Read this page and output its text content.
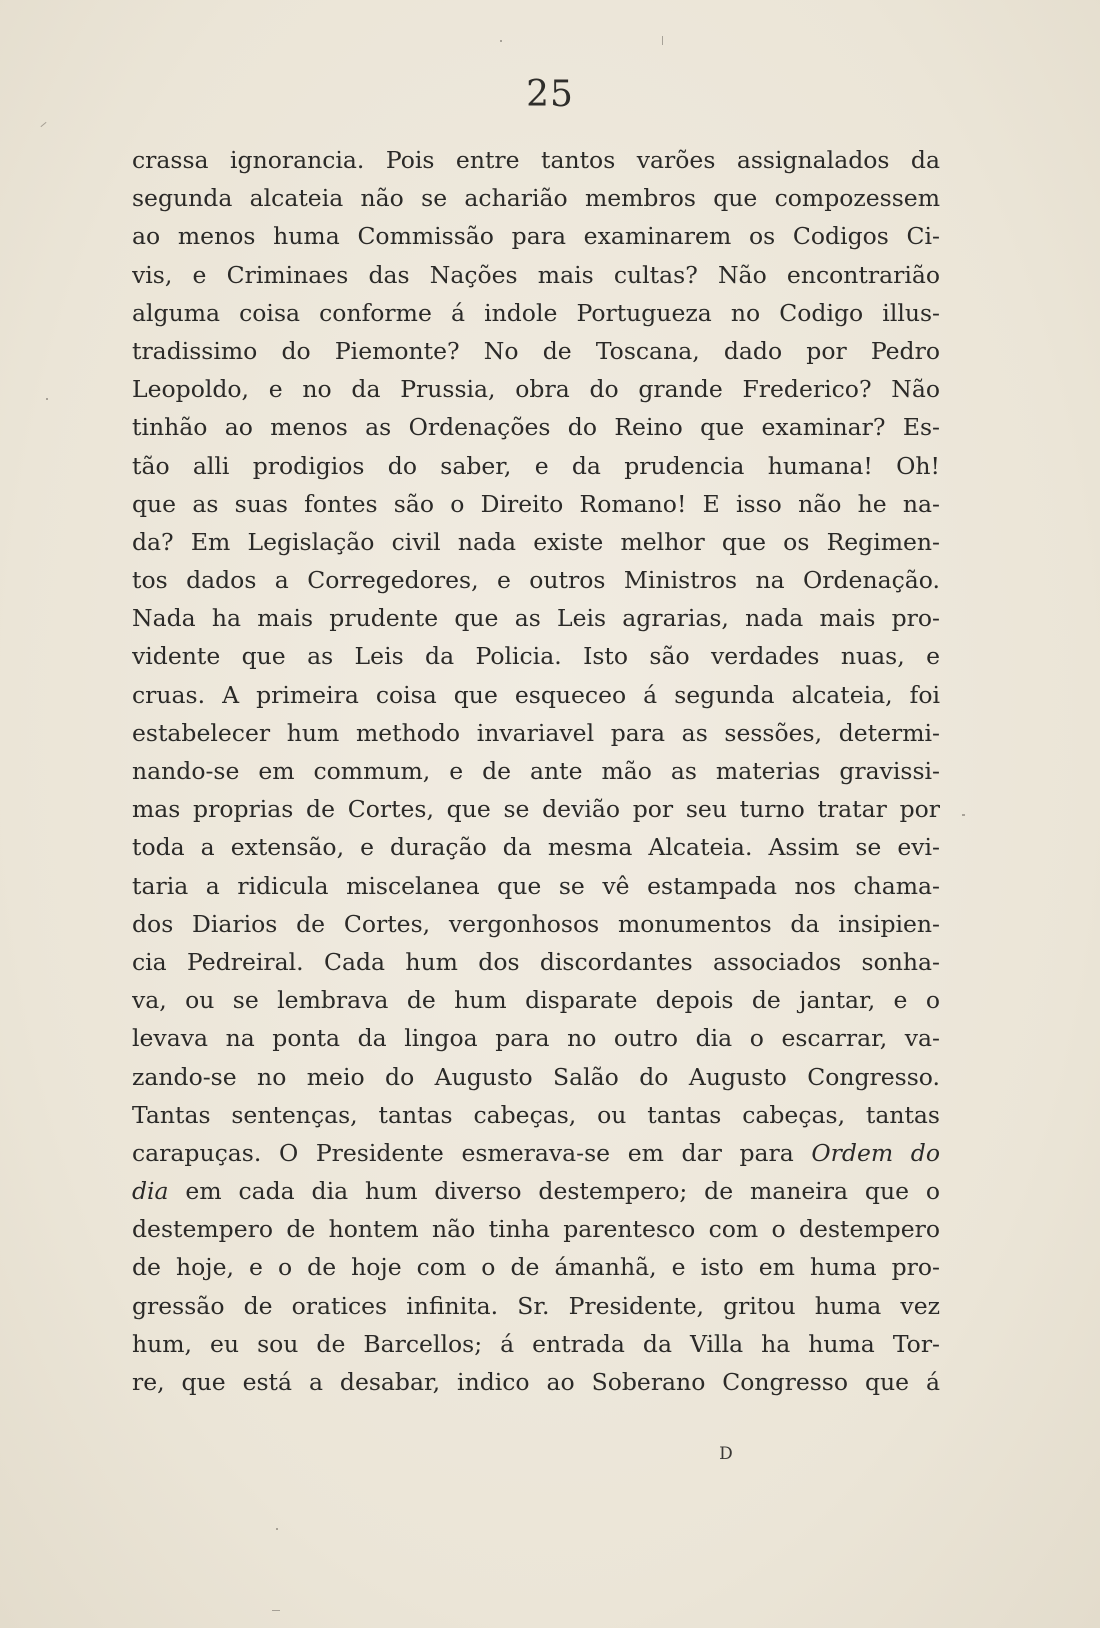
25
crassa ignorancia. Pois entre tantos varões assignalados da
segunda alcateia não se acharião membros que compozessem
ao menos huma Commissão para examinarem os Codigos Ci-
vis, e Criminaes das Nações mais cultas? Não encontrarião
alguma coisa conforme á indole Portugueza no Codigo illus-
tradissimo do Piemonte? No de Toscana, dado por Pedro
Leopoldo, e no da Prussia, obra do grande Frederico? Não
tinhão ao menos as Ordenações do Reino que examinar? Es-
tão alli prodigios do saber, e da prudencia humana! Oh!
que as suas fontes são o Direito Romano! E isso não he na-
da? Em Legislação civil nada existe melhor que os Regimen-
tos dados a Corregedores, e outros Ministros na Ordenação.
Nada ha mais prudente que as Leis agrarias, nada mais pro-
vidente que as Leis da Policia. Isto são verdades nuas, e
cruas. A primeira coisa que esqueceo á segunda alcateia, foi
estabelecer hum methodo invariavel para as sessões, determi-
nando-se em commum, e de ante mão as materias gravissi-
mas proprias de Cortes, que se devião por seu turno tratar por
toda a extensão, e duração da mesma Alcateia. Assim se evi-
taria a ridicula miscelanea que se vê estampada nos chama-
dos Diarios de Cortes, vergonhosos monumentos da insipien-
cia Pedreiral. Cada hum dos discordantes associados sonha-
va, ou se lembrava de hum disparate depois de jantar, e o
levava na ponta da lingoa para no outro dia o escarrar, va-
zando-se no meio do Augusto Salão do Augusto Congresso.
Tantas sentenças, tantas cabeças, ou tantas cabeças, tantas
carapuças. O Presidente esmerava-se em dar para Ordem do
dia em cada dia hum diverso destempero; de maneira que o
destempero de hontem não tinha parentesco com o destempero
de hoje, e o de hoje com o de ámanhã, e isto em huma pro-
gressão de oratices infinita. Sr. Presidente, gritou huma vez
hum, eu sou de Barcellos; á entrada da Villa ha huma Tor-
re, que está a desabar, indico ao Soberano Congresso que á
D
